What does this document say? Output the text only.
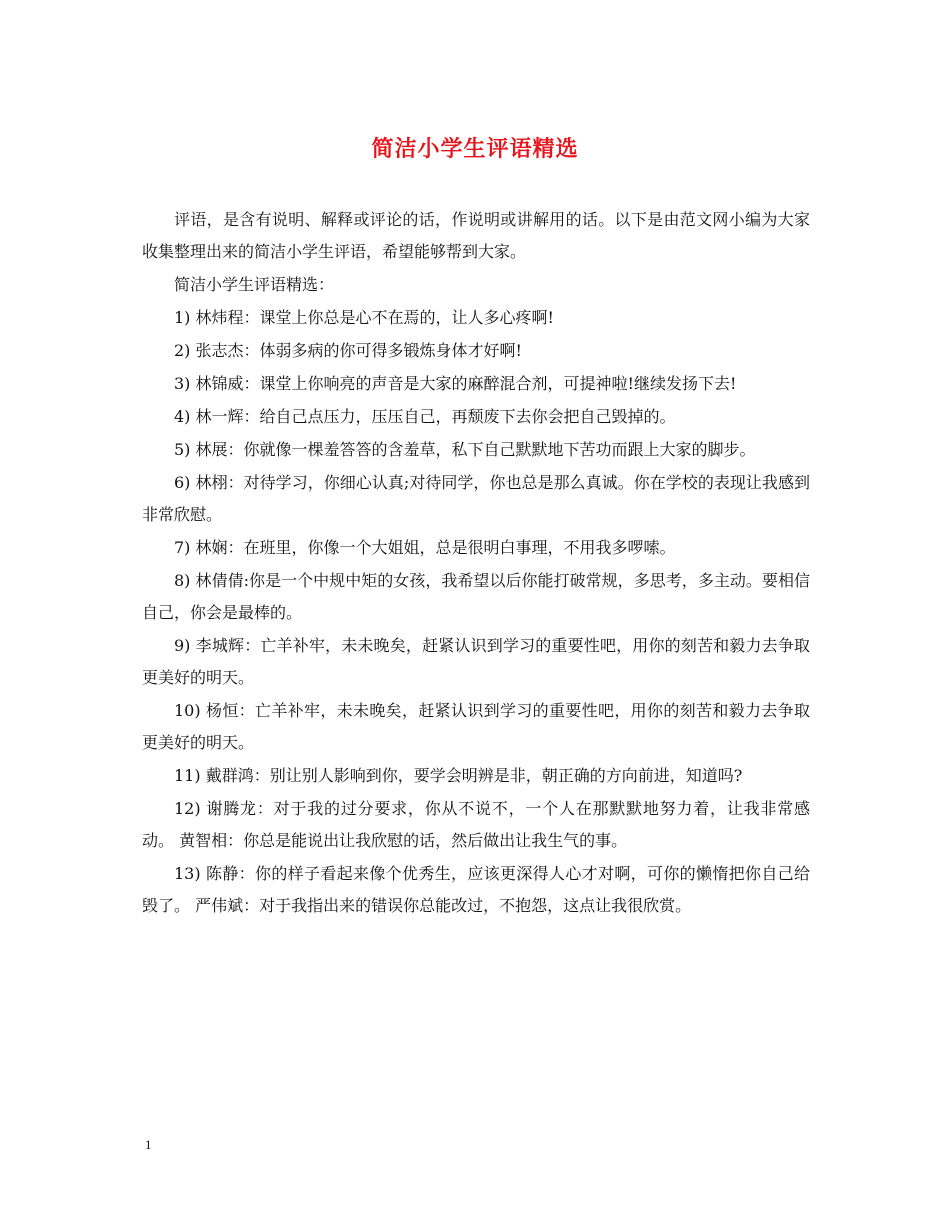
简洁小学生评语精选

评语，是含有说明、解释或评论的话，作说明或讲解用的话。以下是由范文网小编为大家收集整理出来的简洁小学生评语，希望能够帮到大家。

简洁小学生评语精选：

1) 林炜程：课堂上你总是心不在焉的，让人多心疼啊!

2) 张志杰：体弱多病的你可得多锻炼身体才好啊!

3) 林锦威：课堂上你响亮的声音是大家的麻醉混合剂，可提神啦!继续发扬下去!

4) 林一辉：给自己点压力，压压自己，再颓废下去你会把自己毁掉的。

5) 林展：你就像一棵羞答答的含羞草，私下自己默默地下苦功而跟上大家的脚步。

6) 林栩：对待学习，你细心认真;对待同学，你也总是那么真诚。你在学校的表现让我感到非常欣慰。

7) 林娴：在班里，你像一个大姐姐，总是很明白事理，不用我多啰嗦。

8) 林倩倩:你是一个中规中矩的女孩，我希望以后你能打破常规，多思考，多主动。要相信自己，你会是最棒的。

9) 李城辉：亡羊补牢，未未晚矣，赶紧认识到学习的重要性吧，用你的刻苦和毅力去争取更美好的明天。

10) 杨恒：亡羊补牢，未未晚矣，赶紧认识到学习的重要性吧，用你的刻苦和毅力去争取更美好的明天。

11) 戴群鸿：别让别人影响到你，要学会明辨是非，朝正确的方向前进，知道吗?

12) 谢腾龙：对于我的过分要求，你从不说不，一个人在那默默地努力着，让我非常感动。 黄智相：你总是能说出让我欣慰的话，然后做出让我生气的事。

13) 陈静：你的样子看起来像个优秀生，应该更深得人心才对啊，可你的懒惰把你自己给毁了。 严伟斌：对于我指出来的错误你总能改过，不抱怨，这点让我很欣赏。

1
